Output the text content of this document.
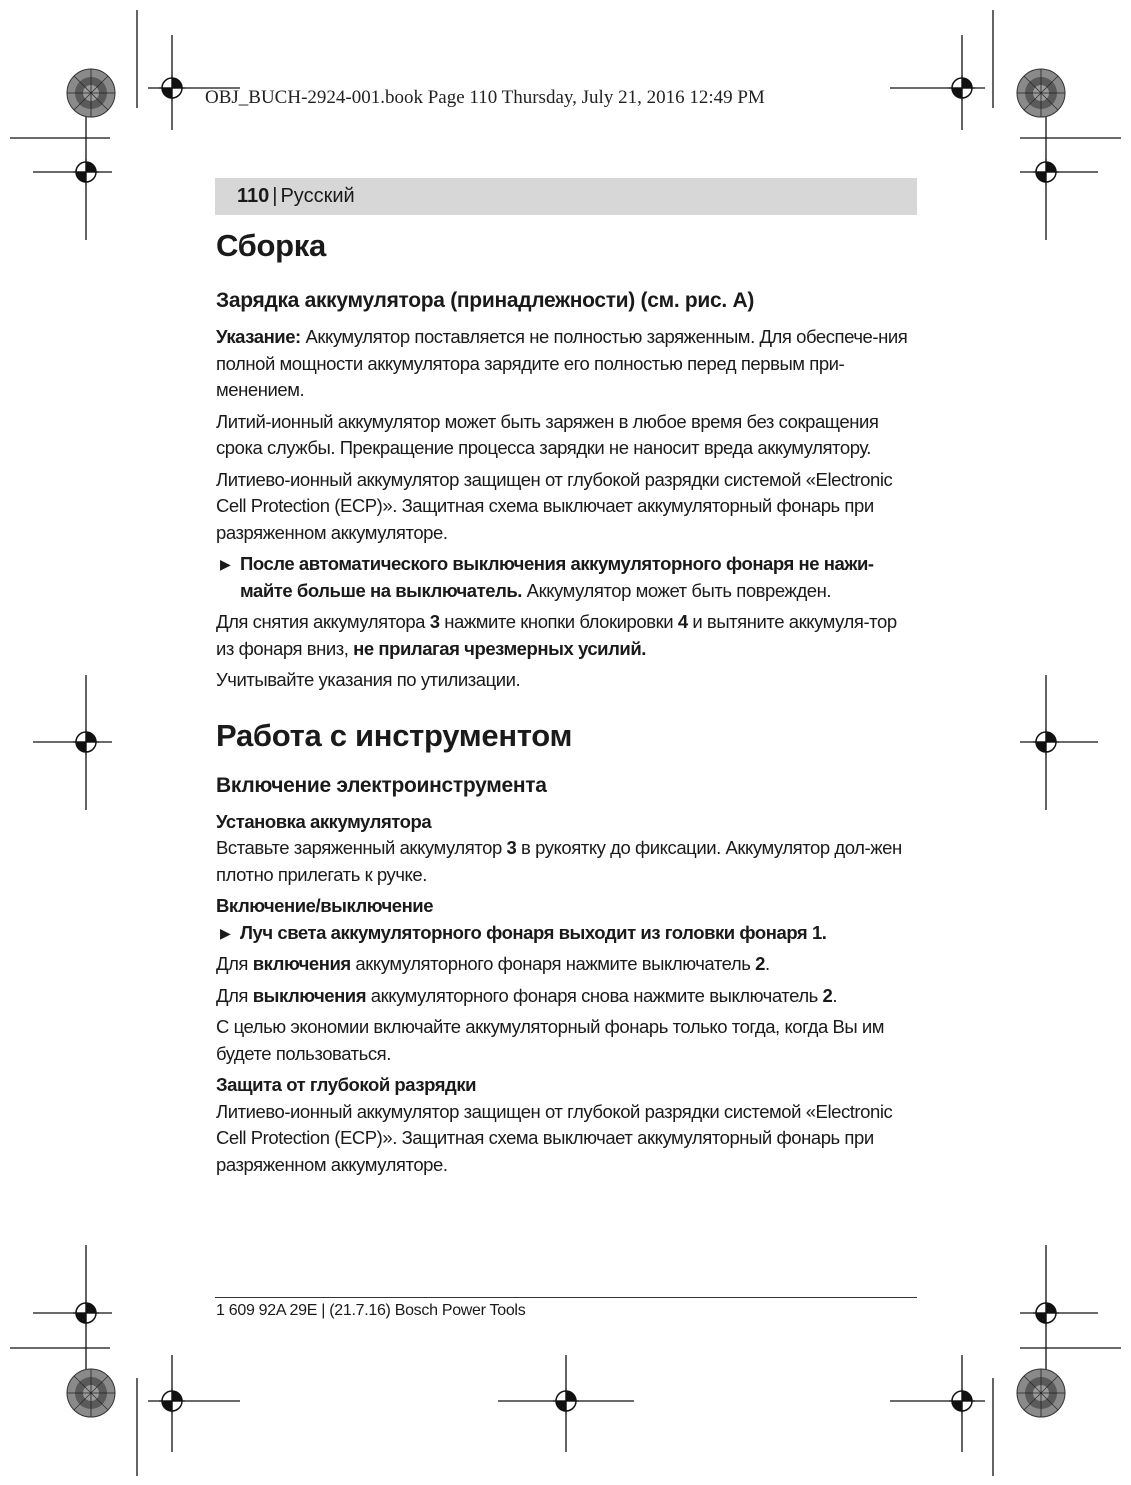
OBJ_BUCH-2924-001.book Page 110 Thursday, July 21, 2016 12:49 PM
110 | Русский
Сборка
Зарядка аккумулятора (принадлежности) (см. рис. A)

Указание: Аккумулятор поставляется не полностью заряженным. Для обеспече-ния полной мощности аккумулятора зарядите его полностью перед первым при-менением.

Литий-ионный аккумулятор может быть заряжен в любое время без сокращения срока службы. Прекращение процесса зарядки не наносит вреда аккумулятору.

Литиево-ионный аккумулятор защищен от глубокой разрядки системой «Electronic Cell Protection (ECP)». Защитная схема выключает аккумуляторный фонарь при разряженном аккумуляторе.

▶ После автоматического выключения аккумуляторного фонаря не нажи-майте больше на выключатель. Аккумулятор может быть поврежден.

Для снятия аккумулятора 3 нажмите кнопки блокировки 4 и вытяните аккумуля-тор из фонаря вниз, не прилагая чрезмерных усилий.

Учитывайте указания по утилизации.

Работа с инструментом
Включение электроинструмента
Установка аккумулятора

Вставьте заряженный аккумулятор 3 в рукоятку до фиксации. Аккумулятор дол-жен плотно прилегать к ручке.

Включение/выключение

▶ Луч света аккумуляторного фонаря выходит из головки фонаря 1.

Для включения аккумуляторного фонаря нажмите выключатель 2.

Для выключения аккумуляторного фонаря снова нажмите выключатель 2.

С целью экономии включайте аккумуляторный фонарь только тогда, когда Вы им будете пользоваться.

Защита от глубокой разрядки

Литиево-ионный аккумулятор защищен от глубокой разрядки системой «Electronic Cell Protection (ECP)». Защитная схема выключает аккумуляторный фонарь при разряженном аккумуляторе.

1 609 92A 29E | (21.7.16) Bosch Power Tools
